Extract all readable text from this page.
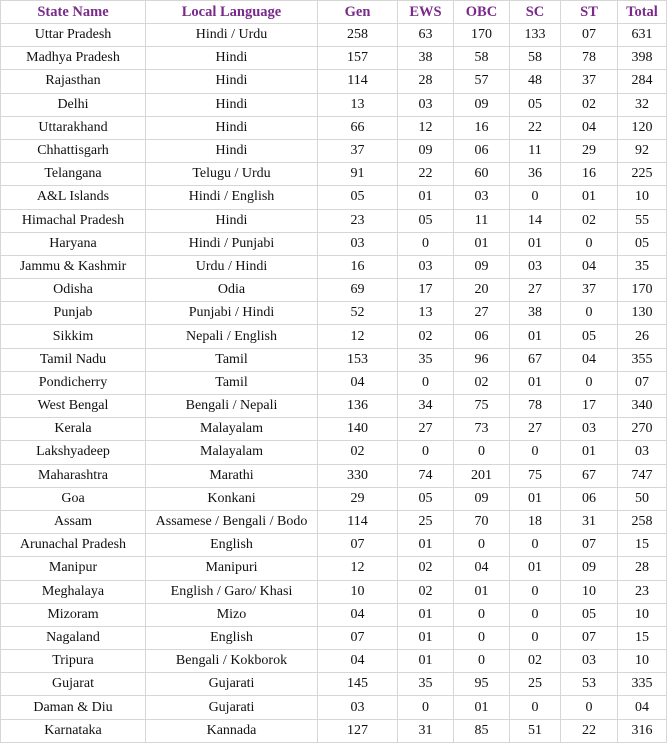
State Name	Local Language	Gen	EWS	OBC	SC	ST	Total
Uttar Pradesh	Hindi / Urdu	258	63	170	133	07	631
Madhya Pradesh	Hindi	157	38	58	58	78	398
Rajasthan	Hindi	114	28	57	48	37	284
Delhi	Hindi	13	03	09	05	02	32
Uttarakhand	Hindi	66	12	16	22	04	120
Chhattisgarh	Hindi	37	09	06	11	29	92
Telangana	Telugu / Urdu	91	22	60	36	16	225
A&L Islands	Hindi / English	05	01	03	0	01	10
Himachal Pradesh	Hindi	23	05	11	14	02	55
Haryana	Hindi / Punjabi	03	0	01	01	0	05
Jammu & Kashmir	Urdu / Hindi	16	03	09	03	04	35
Odisha	Odia	69	17	20	27	37	170
Punjab	Punjabi / Hindi	52	13	27	38	0	130
Sikkim	Nepali / English	12	02	06	01	05	26
Tamil Nadu	Tamil	153	35	96	67	04	355
Pondicherry	Tamil	04	0	02	01	0	07
West Bengal	Bengali / Nepali	136	34	75	78	17	340
Kerala	Malayalam	140	27	73	27	03	270
Lakshyadeep	Malayalam	02	0	0	0	01	03
Maharashtra	Marathi	330	74	201	75	67	747
Goa	Konkani	29	05	09	01	06	50
Assam	Assamese / Bengali / Bodo	114	25	70	18	31	258
Arunachal Pradesh	English	07	01	0	0	07	15
Manipur	Manipuri	12	02	04	01	09	28
Meghalaya	English / Garo/ Khasi	10	02	01	0	10	23
Mizoram	Mizo	04	01	0	0	05	10
Nagaland	English	07	01	0	0	07	15
Tripura	Bengali / Kokborok	04	01	0	02	03	10
Gujarat	Gujarati	145	35	95	25	53	335
Daman & Diu	Gujarati	03	0	01	0	0	04
Karnataka	Kannada	127	31	85	51	22	316
